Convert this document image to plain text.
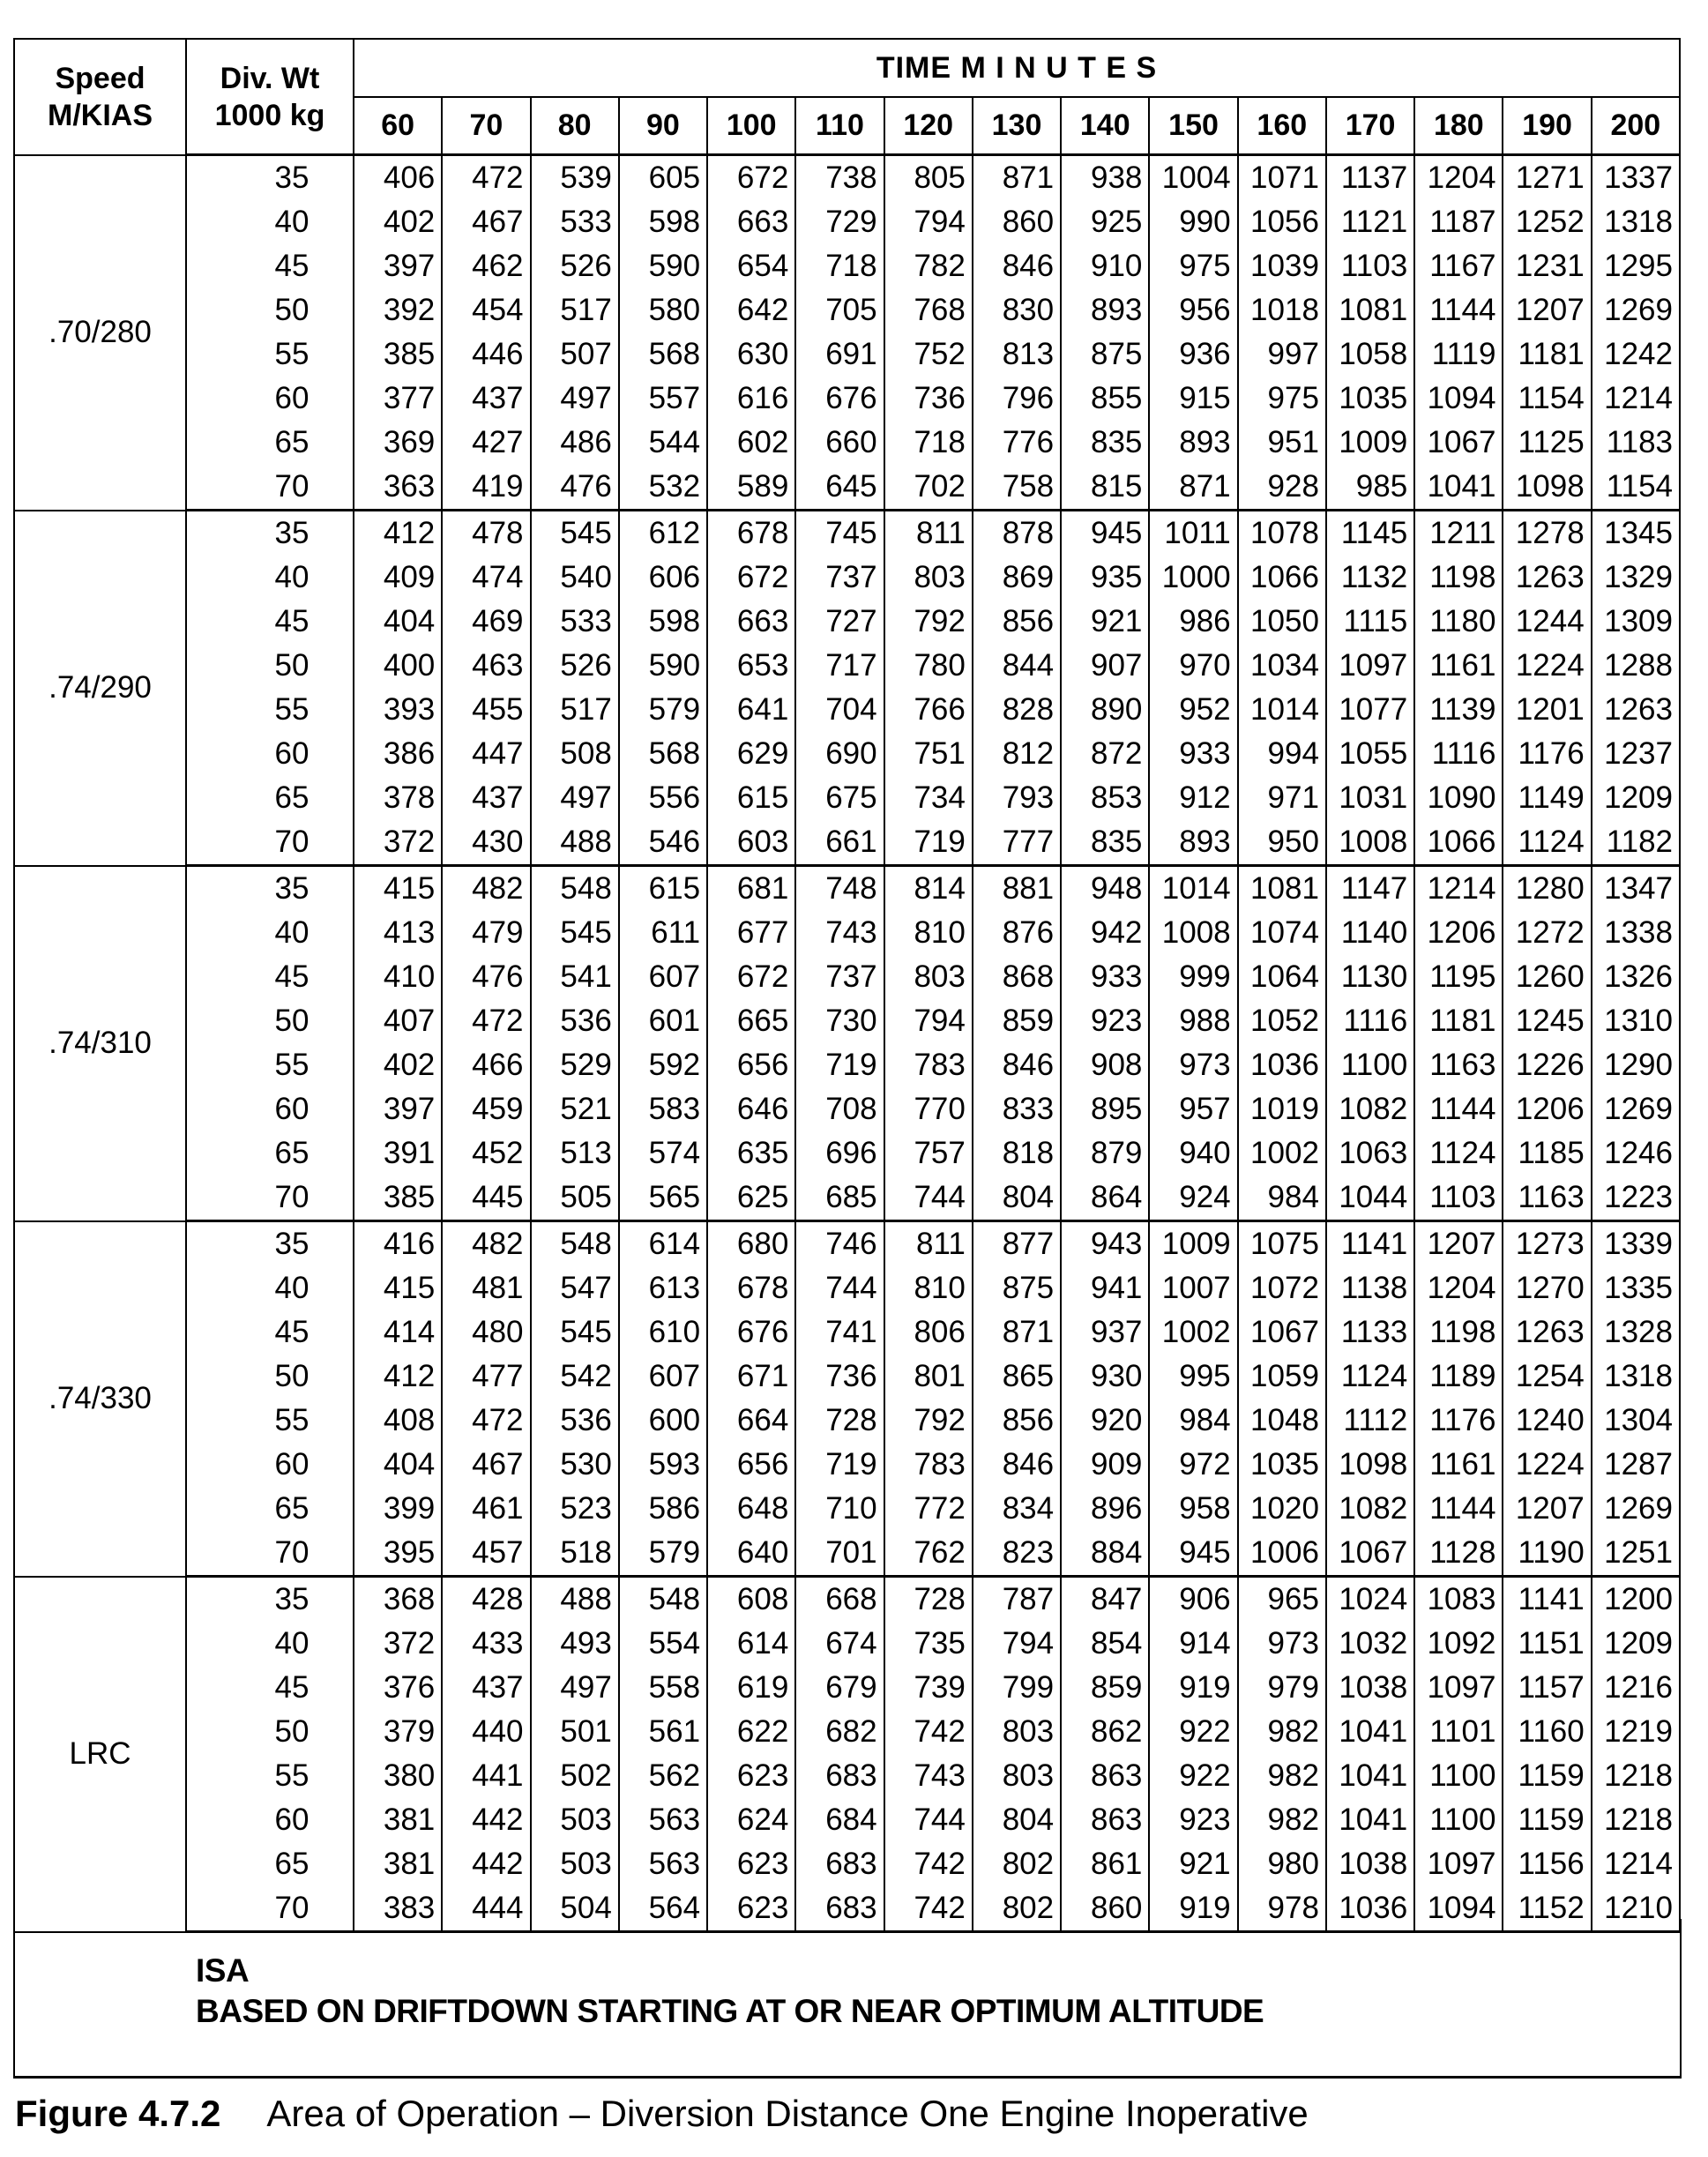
Speed
M/KIAS	Div. Wt
1000 kg	TIME M I N U T E S														
		60	70	80	90	100	110	120	130	140	150	160	170	180	190	200
.70/280	35	406	472	539	605	672	738	805	871	938	1004	1071	1137	1204	1271	1337
	40	402	467	533	598	663	729	794	860	925	990	1056	1121	1187	1252	1318
	45	397	462	526	590	654	718	782	846	910	975	1039	1103	1167	1231	1295
	50	392	454	517	580	642	705	768	830	893	956	1018	1081	1144	1207	1269
	55	385	446	507	568	630	691	752	813	875	936	997	1058	1119	1181	1242
	60	377	437	497	557	616	676	736	796	855	915	975	1035	1094	1154	1214
	65	369	427	486	544	602	660	718	776	835	893	951	1009	1067	1125	1183
	70	363	419	476	532	589	645	702	758	815	871	928	985	1041	1098	1154
.74/290	35	412	478	545	612	678	745	811	878	945	1011	1078	1145	1211	1278	1345
	40	409	474	540	606	672	737	803	869	935	1000	1066	1132	1198	1263	1329
	45	404	469	533	598	663	727	792	856	921	986	1050	1115	1180	1244	1309
	50	400	463	526	590	653	717	780	844	907	970	1034	1097	1161	1224	1288
	55	393	455	517	579	641	704	766	828	890	952	1014	1077	1139	1201	1263
	60	386	447	508	568	629	690	751	812	872	933	994	1055	1116	1176	1237
	65	378	437	497	556	615	675	734	793	853	912	971	1031	1090	1149	1209
	70	372	430	488	546	603	661	719	777	835	893	950	1008	1066	1124	1182
.74/310	35	415	482	548	615	681	748	814	881	948	1014	1081	1147	1214	1280	1347
	40	413	479	545	611	677	743	810	876	942	1008	1074	1140	1206	1272	1338
	45	410	476	541	607	672	737	803	868	933	999	1064	1130	1195	1260	1326
	50	407	472	536	601	665	730	794	859	923	988	1052	1116	1181	1245	1310
	55	402	466	529	592	656	719	783	846	908	973	1036	1100	1163	1226	1290
	60	397	459	521	583	646	708	770	833	895	957	1019	1082	1144	1206	1269
	65	391	452	513	574	635	696	757	818	879	940	1002	1063	1124	1185	1246
	70	385	445	505	565	625	685	744	804	864	924	984	1044	1103	1163	1223
.74/330	35	416	482	548	614	680	746	811	877	943	1009	1075	1141	1207	1273	1339
	40	415	481	547	613	678	744	810	875	941	1007	1072	1138	1204	1270	1335
	45	414	480	545	610	676	741	806	871	937	1002	1067	1133	1198	1263	1328
	50	412	477	542	607	671	736	801	865	930	995	1059	1124	1189	1254	1318
	55	408	472	536	600	664	728	792	856	920	984	1048	1112	1176	1240	1304
	60	404	467	530	593	656	719	783	846	909	972	1035	1098	1161	1224	1287
	65	399	461	523	586	648	710	772	834	896	958	1020	1082	1144	1207	1269
	70	395	457	518	579	640	701	762	823	884	945	1006	1067	1128	1190	1251
LRC	35	368	428	488	548	608	668	728	787	847	906	965	1024	1083	1141	1200
	40	372	433	493	554	614	674	735	794	854	914	973	1032	1092	1151	1209
	45	376	437	497	558	619	679	739	799	859	919	979	1038	1097	1157	1216
	50	379	440	501	561	622	682	742	803	862	922	982	1041	1101	1160	1219
	55	380	441	502	562	623	683	743	803	863	922	982	1041	1100	1159	1218
	60	381	442	503	563	624	684	744	804	863	923	982	1041	1100	1159	1218
	65	381	442	503	563	623	683	742	802	861	921	980	1038	1097	1156	1214
	70	383	444	504	564	623	683	742	802	860	919	978	1036	1094	1152	1210
ISA
BASED ON DRIFTDOWN STARTING AT OR NEAR OPTIMUM ALTITUDE
Figure 4.7.2 Area of Operation – Diversion Distance One Engine Inoperative
